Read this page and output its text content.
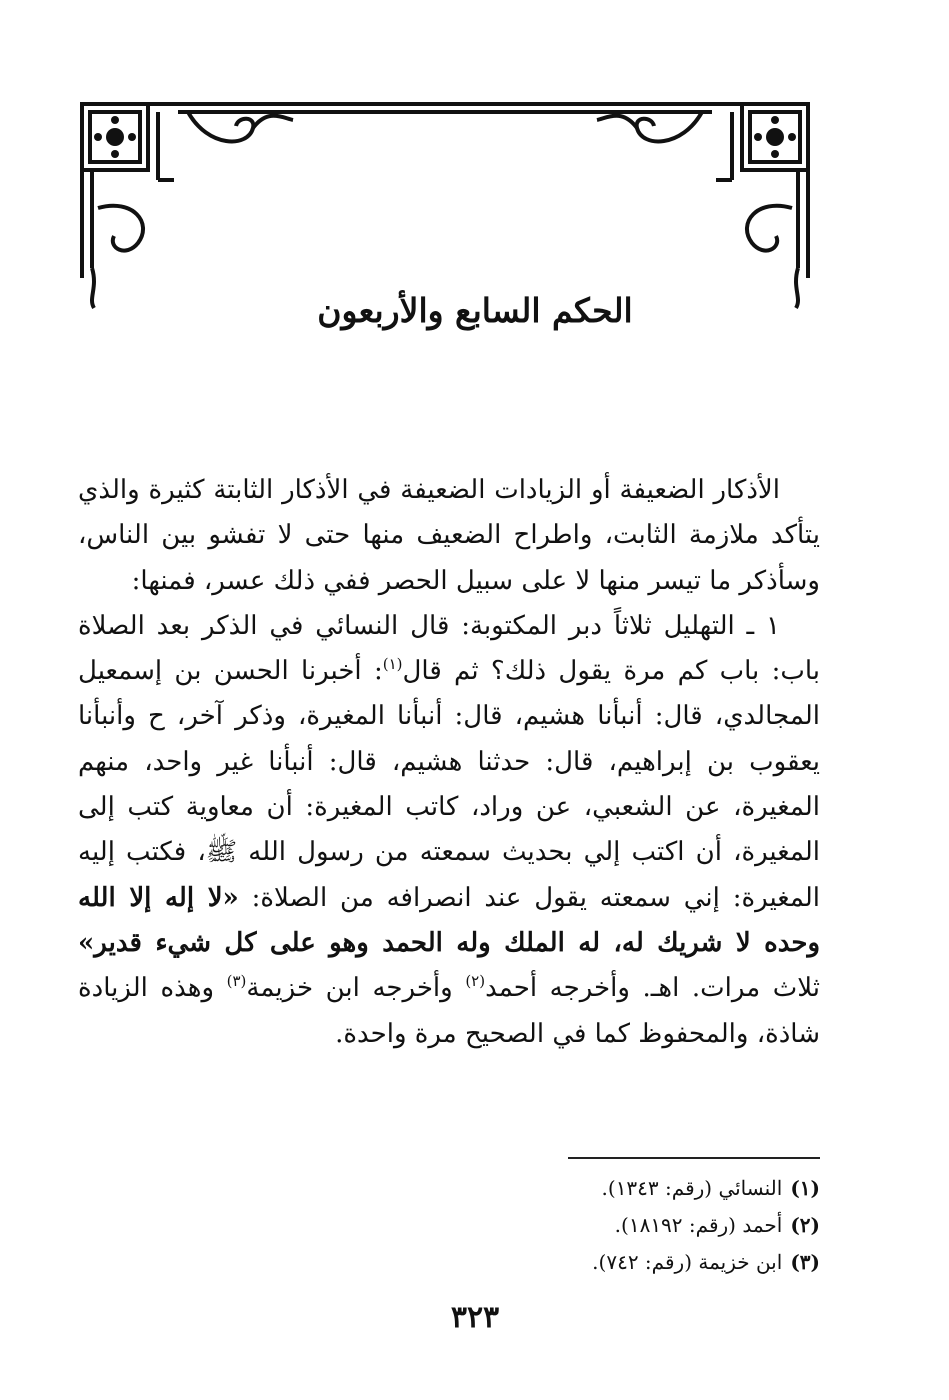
الحكم السابع والأربعون

الأذكار الضعيفة أو الزيادات الضعيفة في الأذكار الثابتة كثيرة والذي يتأكد ملازمة الثابت، واطراح الضعيف منها حتى لا تفشو بين الناس، وسأذكر ما تيسر منها لا على سبيل الحصر ففي ذلك عسر، فمنها:

١ ـ التهليل ثلاثاً دبر المكتوبة: قال النسائي في الذكر بعد الصلاة باب: باب كم مرة يقول ذلك؟ ثم قال$^{(١)}$: أخبرنا الحسن بن إسمعيل المجالدي، قال: أنبأنا هشيم، قال: أنبأنا المغيرة، وذكر آخر، ح وأنبأنا يعقوب بن إبراهيم، قال: حدثنا هشيم، قال: أنبأنا غير واحد، منهم المغيرة، عن الشعبي، عن وراد، كاتب المغيرة: أن معاوية كتب إلى المغيرة، أن اكتب إلي بحديث سمعته من رسول الله ﷺ، فكتب إليه المغيرة: إني سمعته يقول عند انصرافه من الصلاة: «لا إله إلا الله وحده لا شريك له، له الملك وله الحمد وهو على كل شيء قدير» ثلاث مرات. اهـ. وأخرجه أحمد$^{(٢)}$ وأخرجه ابن خزيمة$^{(٣)}$ وهذه الزيادة شاذة، والمحفوظ كما في الصحيح مرة واحدة.

(١)النسائي (رقم: ١٣٤٣).
(٢)أحمد (رقم: ١٨١٩٢).
(٣)ابن خزيمة (رقم: ٧٤٢).
٣٢٣
